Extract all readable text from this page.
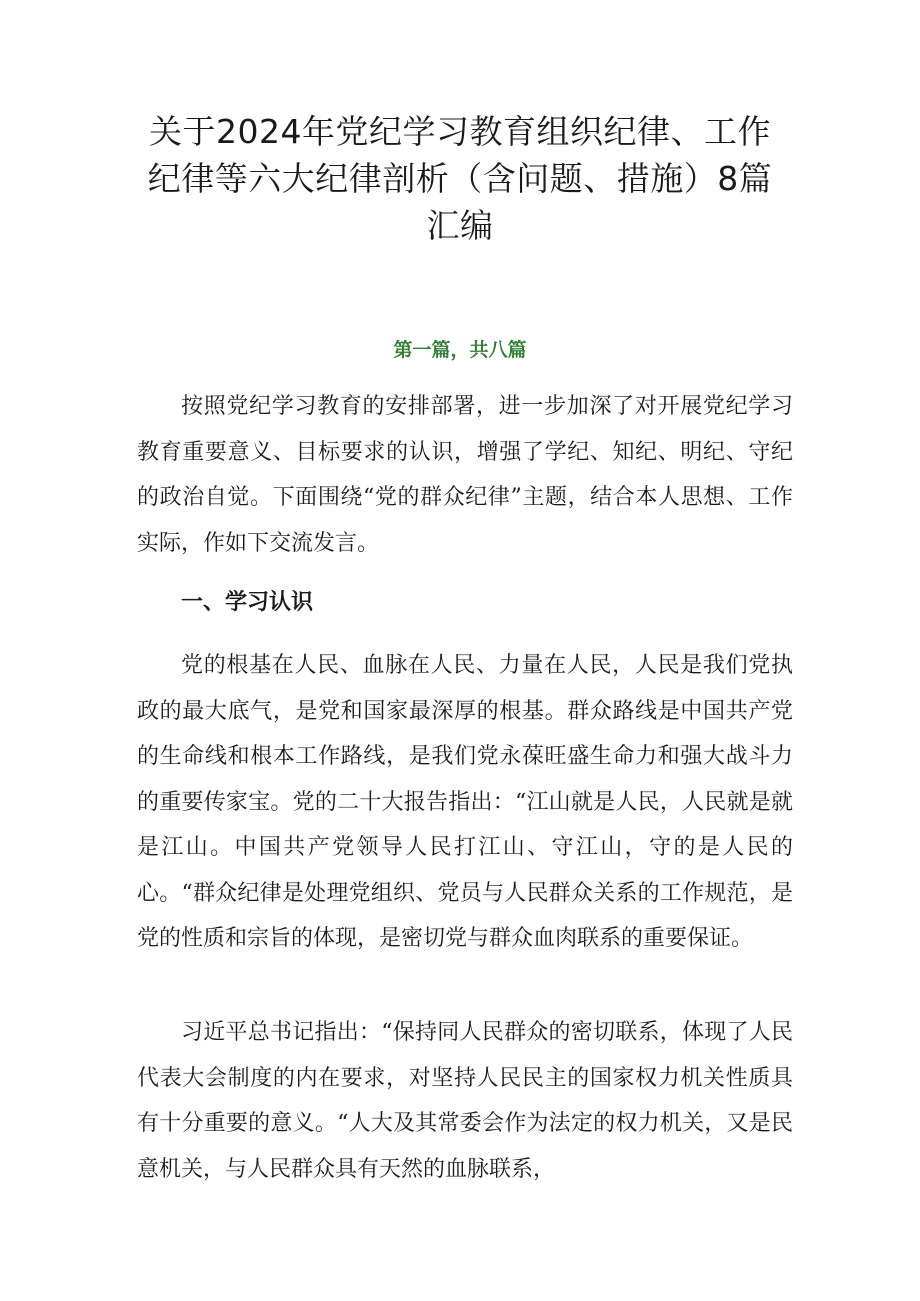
关于2024年党纪学习教育组织纪律、工作
纪律等六大纪律剖析（含问题、措施）8篇
汇编
第一篇，共八篇

按照党纪学习教育的安排部署，进一步加深了对开展党纪学习教育重要意义、目标要求的认识，增强了学纪、知纪、明纪、守纪的政治自觉。下面围绕“党的群众纪律”主题，结合本人思想、工作实际，作如下交流发言。

一、学习认识

党的根基在人民、血脉在人民、力量在人民，人民是我们党执政的最大底气，是党和国家最深厚的根基。群众路线是中国共产党的生命线和根本工作路线，是我们党永葆旺盛生命力和强大战斗力的重要传家宝。党的二十大报告指出：“江山就是人民，人民就是就是江山。中国共产党领导人民打江山、守江山，守的是人民的心。“群众纪律是处理党组织、党员与人民群众关系的工作规范，是党的性质和宗旨的体现，是密切党与群众血肉联系的重要保证。

习近平总书记指出：“保持同人民群众的密切联系，体现了人民代表大会制度的内在要求，对坚持人民民主的国家权力机关性质具有十分重要的意义。“人大及其常委会作为法定的权力机关，又是民意机关，与人民群众具有天然的血脉联系，
